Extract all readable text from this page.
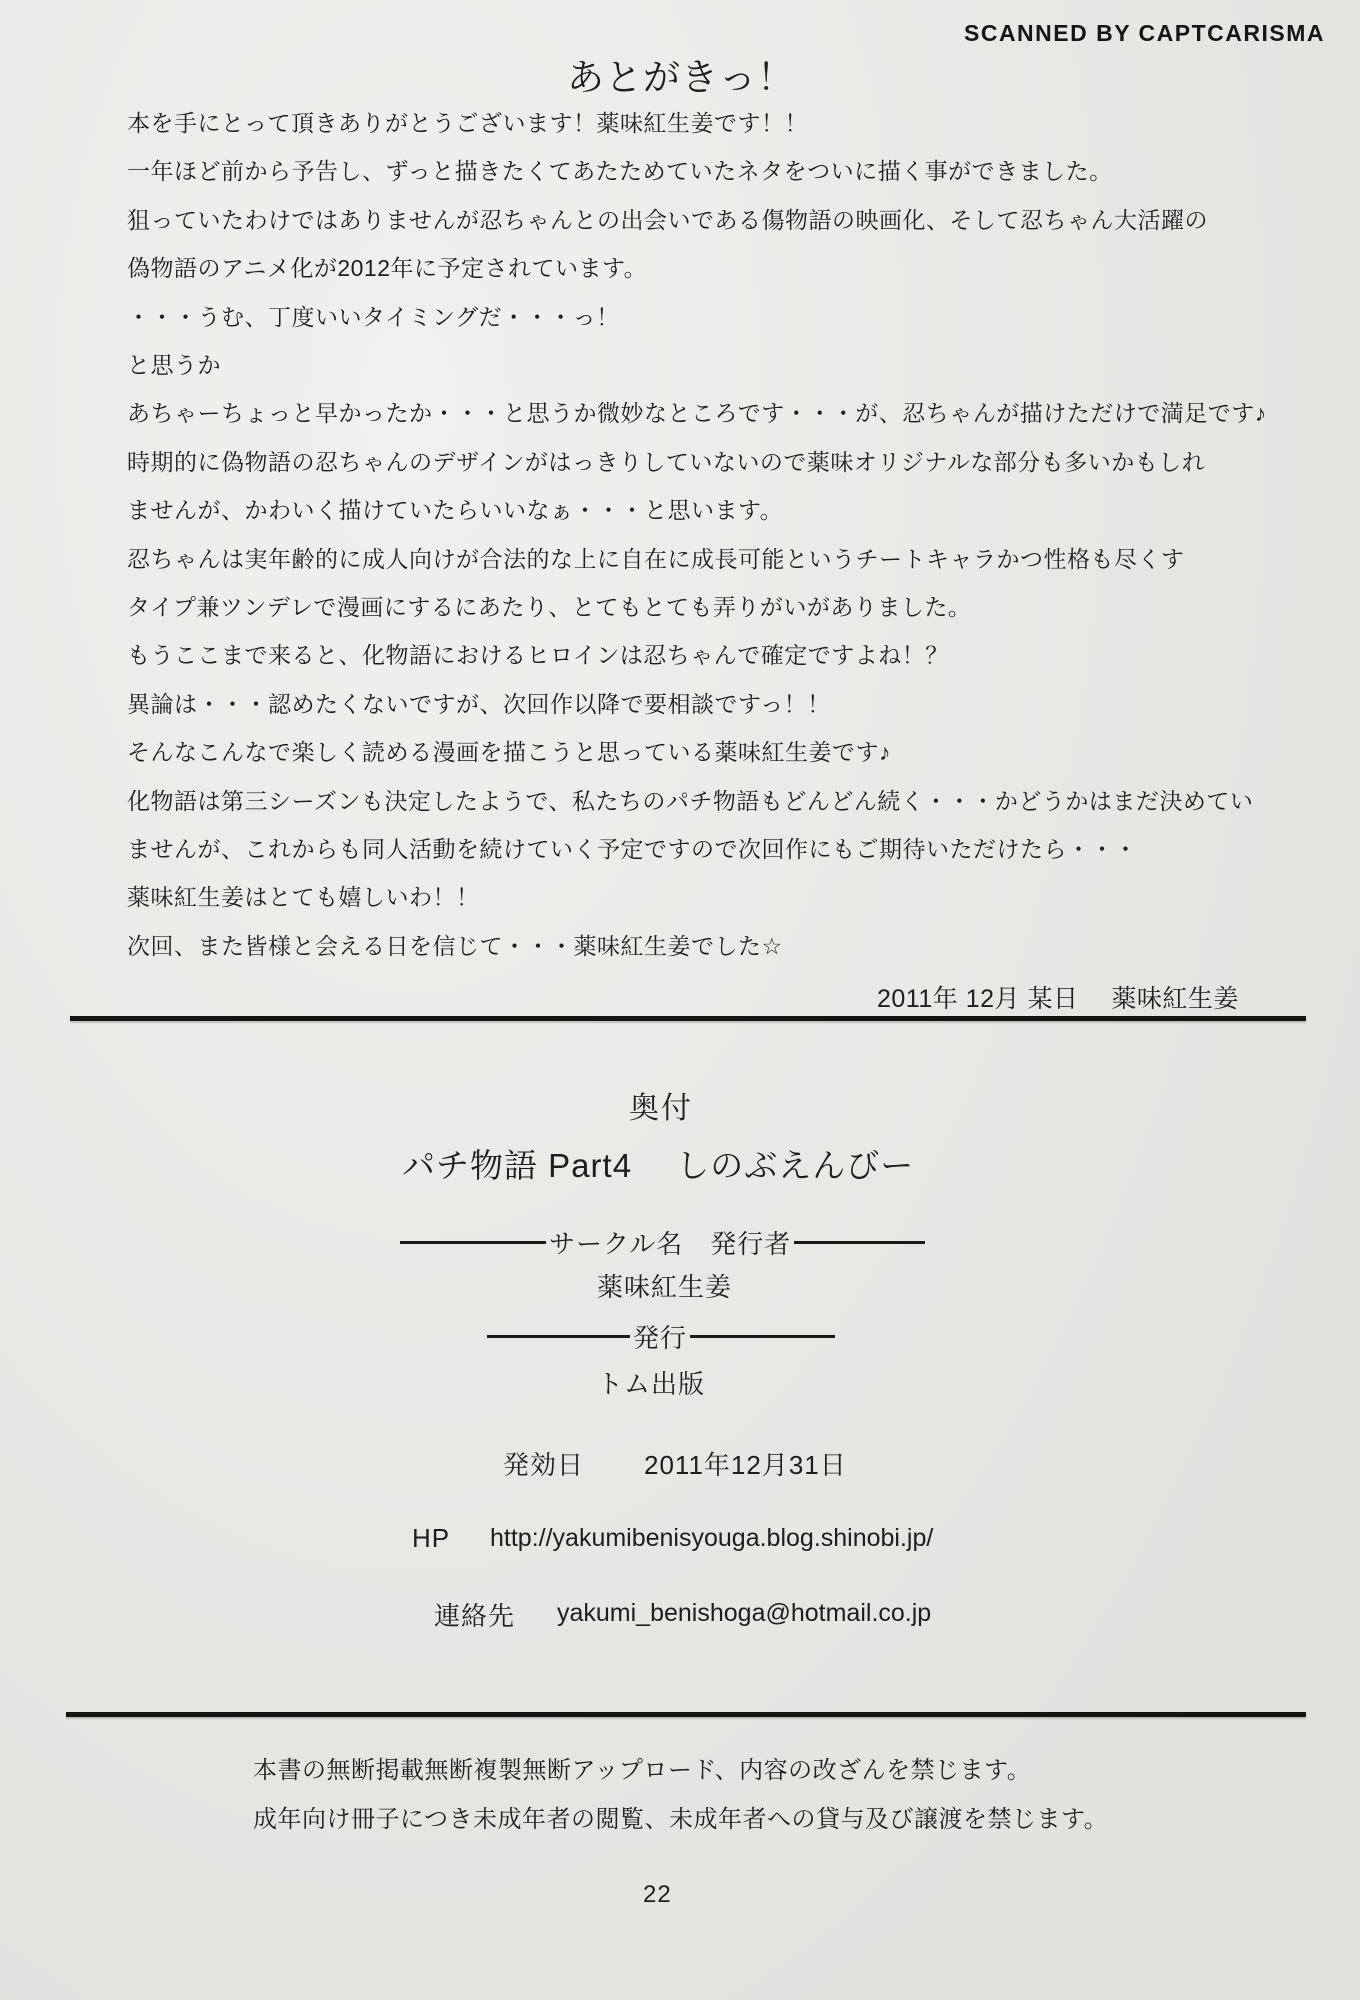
SCANNED BY CAPTCARISMA
あとがきっ！
本を手にとって頂きありがとうございます！薬味紅生姜です！！
一年ほど前から予告し、ずっと描きたくてあたためていたネタをついに描く事ができました。
狙っていたわけではありませんが忍ちゃんとの出会いである傷物語の映画化、そして忍ちゃん大活躍の
偽物語のアニメ化が2012年に予定されています。
・・・うむ、丁度いいタイミングだ・・・っ！
と思うか
あちゃーちょっと早かったか・・・と思うか微妙なところです・・・が、忍ちゃんが描けただけで満足です♪
時期的に偽物語の忍ちゃんのデザインがはっきりしていないので薬味オリジナルな部分も多いかもしれ
ませんが、かわいく描けていたらいいなぁ・・・と思います。
忍ちゃんは実年齢的に成人向けが合法的な上に自在に成長可能というチートキャラかつ性格も尽くす
タイプ兼ツンデレで漫画にするにあたり、とてもとても弄りがいがありました。
もうここまで来ると、化物語におけるヒロインは忍ちゃんで確定ですよね！？
異論は・・・認めたくないですが、次回作以降で要相談ですっ！！
そんなこんなで楽しく読める漫画を描こうと思っている薬味紅生姜です♪
化物語は第三シーズンも決定したようで、私たちのパチ物語もどんどん続く・・・かどうかはまだ決めてい
ませんが、これからも同人活動を続けていく予定ですので次回作にもご期待いただけたら・・・
薬味紅生姜はとても嬉しいわ！！
次回、また皆様と会える日を信じて・・・薬味紅生姜でした☆
2011年 12月 某日　 薬味紅生姜
奥付
パチ物語 Part4　 しのぶえんびー
サークル名　発行者
薬味紅生姜
発行
トム出版
発効日 2011年12月31日
HP http://yakumibenisyouga.blog.shinobi.jp/
連絡先 yakumi_benishoga@hotmail.co.jp
本書の無断掲載無断複製無断アップロード、内容の改ざんを禁じます。
成年向け冊子につき未成年者の閲覧、未成年者への貸与及び譲渡を禁じます。
22
